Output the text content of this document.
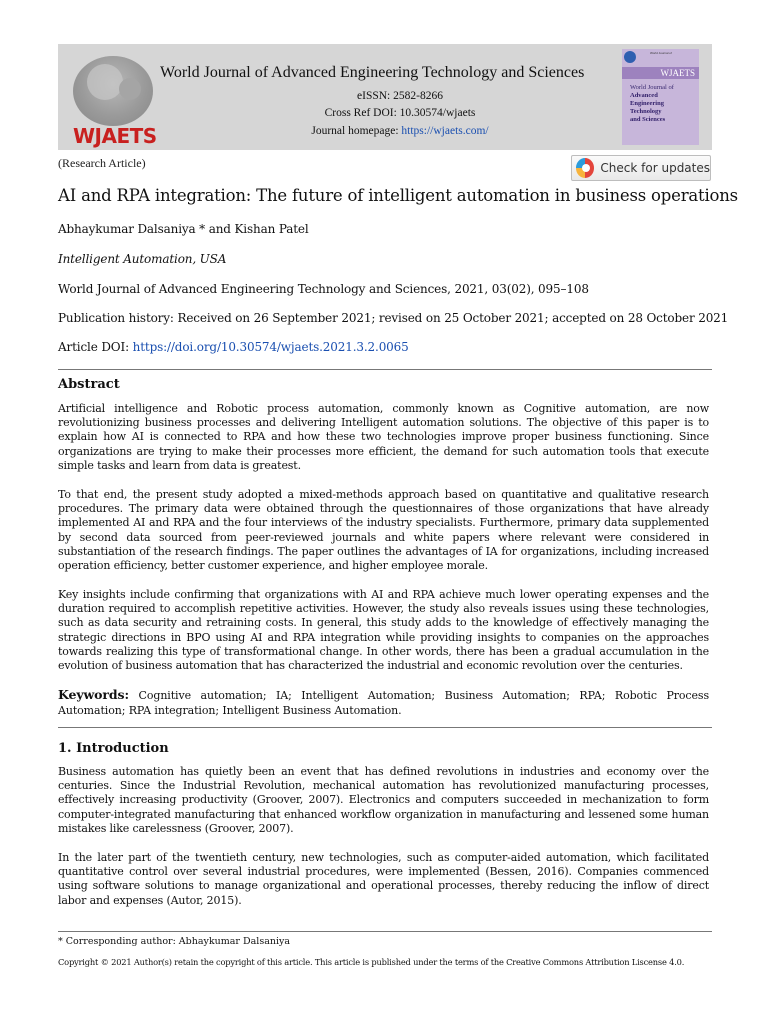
WJAETS
World Journal of Advanced Engineering Technology and Sciences
eISSN: 2582-8266
Cross Ref DOI: 10.30574/wjaets
Journal homepage: https://wjaets.com/
World Journal of
WJAETS
World Journal of
Advanced
Engineering
Technology
and Sciences
(Research Article)	Check for updates
AI and RPA integration: The future of intelligent automation in business operations
Abhaykumar Dalsaniya * and Kishan Patel
Intelligent Automation, USA
World Journal of Advanced Engineering Technology and Sciences, 2021, 03(02), 095–108
Publication history: Received on 26 September 2021; revised on 25 October 2021; accepted on 28 October 2021
Article DOI: https://doi.org/10.30574/wjaets.2021.3.2.0065
Abstract

Artificial intelligence and Robotic process automation, commonly known as Cognitive automation, are now revolutionizing business processes and delivering Intelligent automation solutions. The objective of this paper is to explain how AI is connected to RPA and how these two technologies improve proper business functioning. Since organizations are trying to make their processes more efficient, the demand for such automation tools that execute simple tasks and learn from data is greatest.

To that end, the present study adopted a mixed-methods approach based on quantitative and qualitative research procedures. The primary data were obtained through the questionnaires of those organizations that have already implemented AI and RPA and the four interviews of the industry specialists. Furthermore, primary data supplemented by second data sourced from peer-reviewed journals and white papers where relevant were considered in substantiation of the research findings. The paper outlines the advantages of IA for organizations, including increased operation efficiency, better customer experience, and higher employee morale.

Key insights include confirming that organizations with AI and RPA achieve much lower operating expenses and the duration required to accomplish repetitive activities. However, the study also reveals issues using these technologies, such as data security and retraining costs. In general, this study adds to the knowledge of effectively managing the strategic directions in BPO using AI and RPA integration while providing insights to companies on the approaches towards realizing this type of transformational change. In other words, there has been a gradual accumulation in the evolution of business automation that has characterized the industrial and economic revolution over the centuries.

Keywords: Cognitive automation; IA; Intelligent Automation; Business Automation; RPA; Robotic Process Automation; RPA integration; Intelligent Business Automation.
1. Introduction

Business automation has quietly been an event that has defined revolutions in industries and economy over the centuries. Since the Industrial Revolution, mechanical automation has revolutionized manufacturing processes, effectively increasing productivity (Groover, 2007). Electronics and computers succeeded in mechanization to form computer-integrated manufacturing that enhanced workflow organization in manufacturing and lessened some human mistakes like carelessness (Groover, 2007).

In the later part of the twentieth century, new technologies, such as computer-aided automation, which facilitated quantitative control over several industrial procedures, were implemented (Bessen, 2016). Companies commenced using software solutions to manage organizational and operational processes, thereby reducing the inflow of direct labor and expenses (Autor, 2015).

* Corresponding author: Abhaykumar Dalsaniya
Copyright © 2021 Author(s) retain the copyright of this article. This article is published under the terms of the Creative Commons Attribution Liscense 4.0.
